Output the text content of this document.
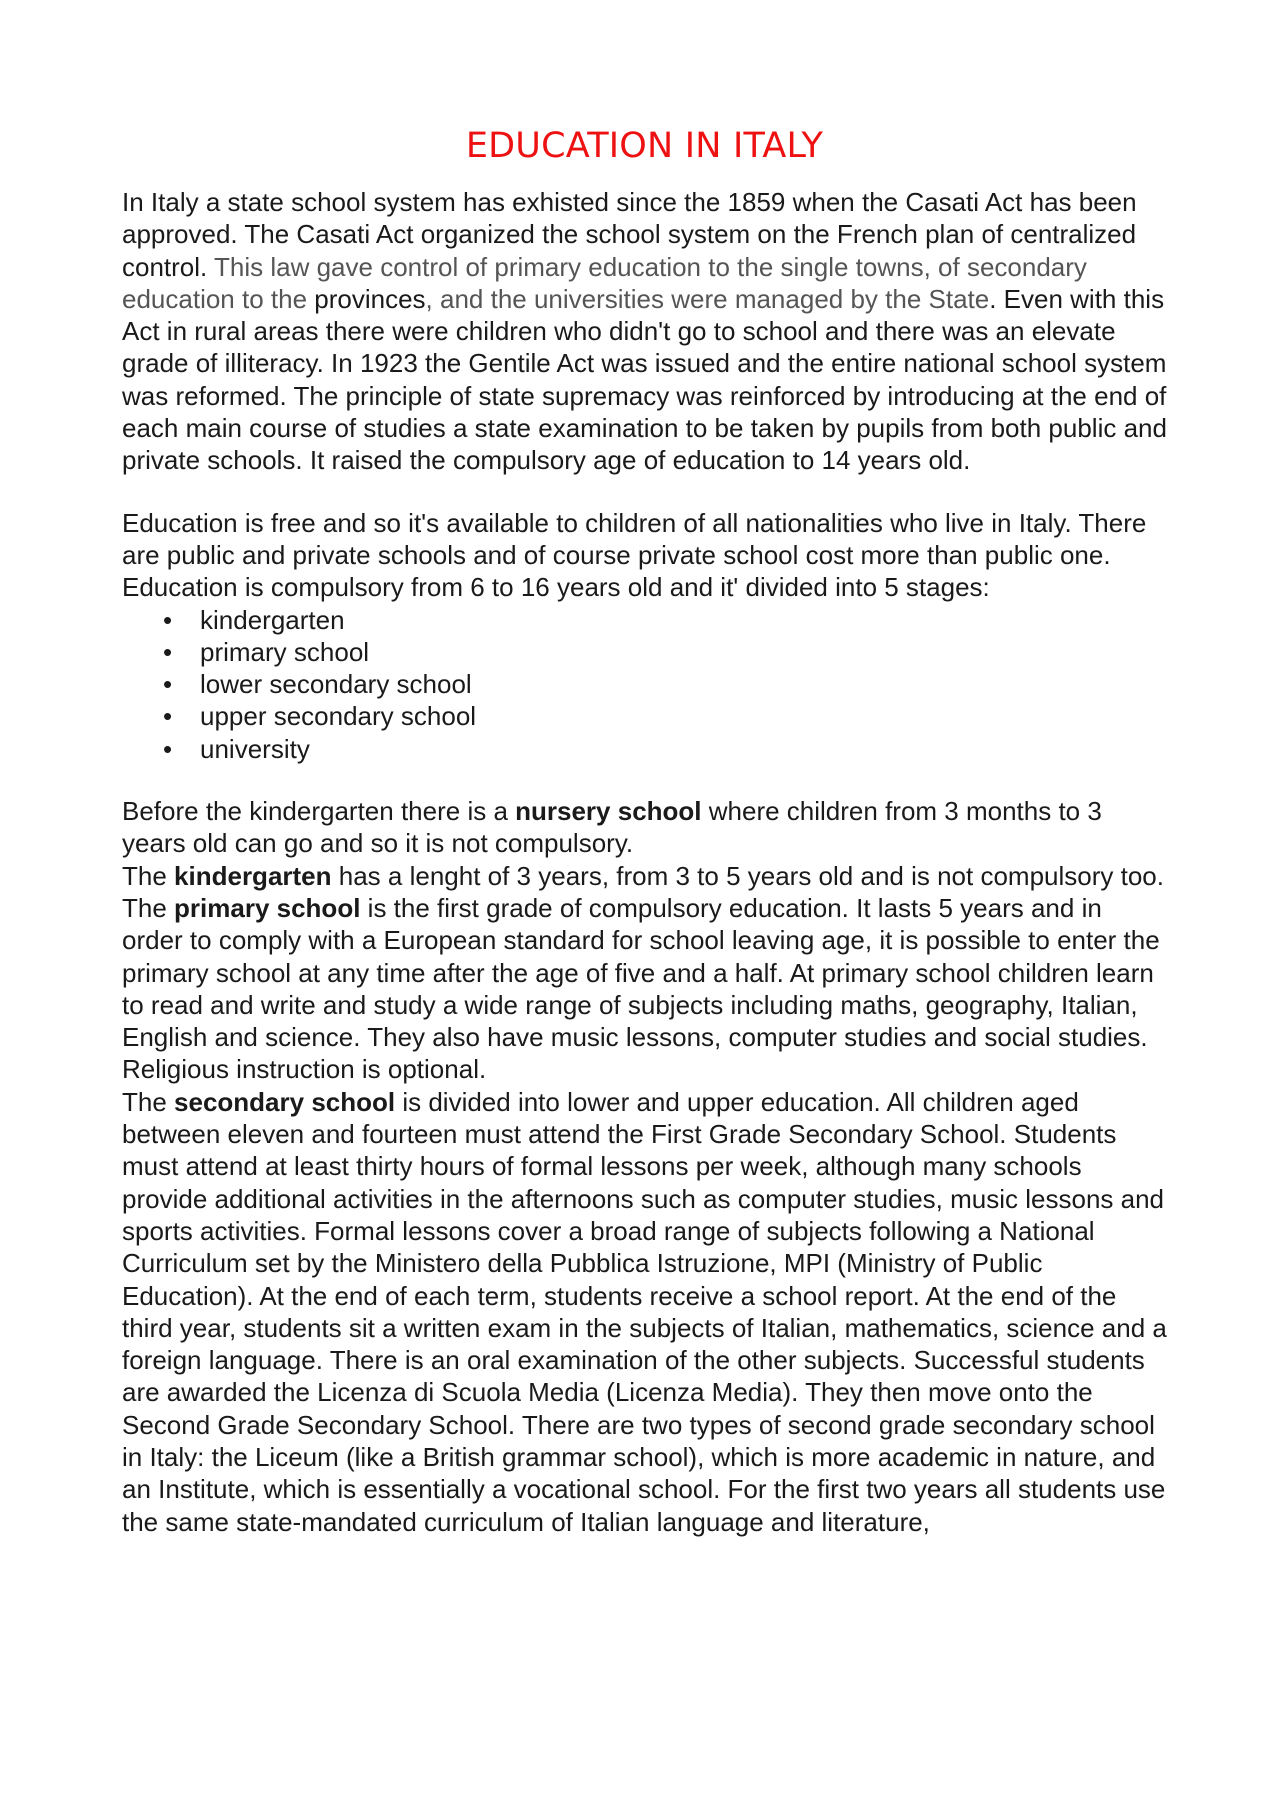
EDUCATION IN ITALY

In Italy a state school system has exhisted since the 1859 when the Casati Act has been approved. The Casati Act organized the school system on the French plan of centralized control. This law gave control of primary education to the single towns, of secondary education to the provinces, and the universities were managed by the State. Even with this Act in rural areas there were children who didn't go to school and there was an elevate grade of illiteracy. In 1923 the Gentile Act was issued and the entire national school system was reformed. The principle of state supremacy was reinforced by introducing at the end of each main course of studies a state examination to be taken by pupils from both public and private schools. It raised the compulsory age of education to 14 years old.

Education is free and so it's available to children of all nationalities who live in Italy. There are public and private schools and of course private school cost more than public one. Education is compulsory from 6 to 16 years old and it' divided into 5 stages:

• kindergarten
• primary school
• lower secondary school
• upper secondary school
• university

Before the kindergarten there is a nursery school where children from 3 months to 3 years old can go and so it is not compulsory.

The kindergarten has a lenght of 3 years, from 3 to 5 years old and is not compulsory too.

The primary school is the first grade of compulsory education. It lasts 5 years and in order to comply with a European standard for school leaving age, it is possible to enter the primary school at any time after the age of five and a half. At primary school children learn to read and write and study a wide range of subjects including maths, geography, Italian, English and science. They also have music lessons, computer studies and social studies. Religious instruction is optional.

The secondary school is divided into lower and upper education. All children aged between eleven and fourteen must attend the First Grade Secondary School. Students must attend at least thirty hours of formal lessons per week, although many schools provide additional activities in the afternoons such as computer studies, music lessons and sports activities. Formal lessons cover a broad range of subjects following a National Curriculum set by the Ministero della Pubblica Istruzione, MPI (Ministry of Public Education). At the end of each term, students receive a school report. At the end of the third year, students sit a written exam in the subjects of Italian, mathematics, science and a foreign language. There is an oral examination of the other subjects. Successful students are awarded the Licenza di Scuola Media (Licenza Media). They then move onto the Second Grade Secondary School. There are two types of second grade secondary school in Italy: the Liceum (like a British grammar school), which is more academic in nature, and an Institute, which is essentially a vocational school. For the first two years all students use the same state-mandated curriculum of Italian language and literature,
